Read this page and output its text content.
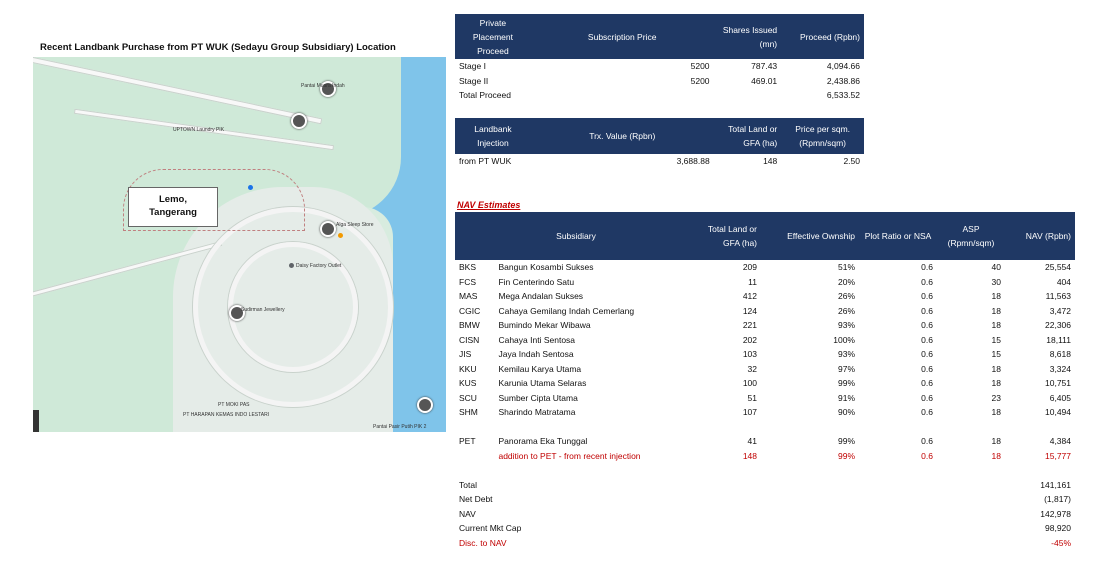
Recent Landbank Purchase from PT WUK (Sedayu Group Subsidiary) Location
Lemo,
Tangerang
Pantai Muara Indah
UPTOWN Laundry PIK
Alga Sleep Store
Daisy Factory Outlet
Sudirman Jewellery
PT MOKI PAS
PT HARAPAN KEMAS INDO LESTARI
Pantai Pasir Putih PIK 2
Private Placement Proceed	Subscription Price	Shares Issued (mn)	Proceed (Rpbn)
Stage I	5200	787.43	4,094.66
Stage II	5200	469.01	2,438.86
Total Proceed			6,533.52
Landbank Injection	Trx. Value (Rpbn)	Total Land or GFA (ha)	Price per sqm. (Rpmn/sqm)
from PT WUK	3,688.88	148	2.50
NAV Estimates
Subsidiary		Total Land or GFA (ha)	Effective Ownship	Plot Ratio or NSA	ASP (Rpmn/sqm)	NAV (Rpbn)
BKS	Bangun Kosambi Sukses	209	51%	0.6	40	25,554
FCS	Fin Centerindo Satu	11	20%	0.6	30	404
MAS	Mega Andalan Sukses	412	26%	0.6	18	11,563
CGIC	Cahaya Gemilang Indah Cemerlang	124	26%	0.6	18	3,472
BMW	Bumindo Mekar Wibawa	221	93%	0.6	18	22,306
CISN	Cahaya Inti Sentosa	202	100%	0.6	15	18,111
JIS	Jaya Indah Sentosa	103	93%	0.6	15	8,618
KKU	Kemilau Karya Utama	32	97%	0.6	18	3,324
KUS	Karunia Utama Selaras	100	99%	0.6	18	10,751
SCU	Sumber Cipta Utama	51	91%	0.6	23	6,405
SHM	Sharindo Matratama	107	90%	0.6	18	10,494

PET	Panorama Eka Tunggal	41	99%	0.6	18	4,384
	addition to PET - from recent injection	148	99%	0.6	18	15,777

Total		141,161				
Net Debt		(1,817)				
NAV		142,978				
Current Mkt Cap		98,920				
Disc. to NAV		-45%				
